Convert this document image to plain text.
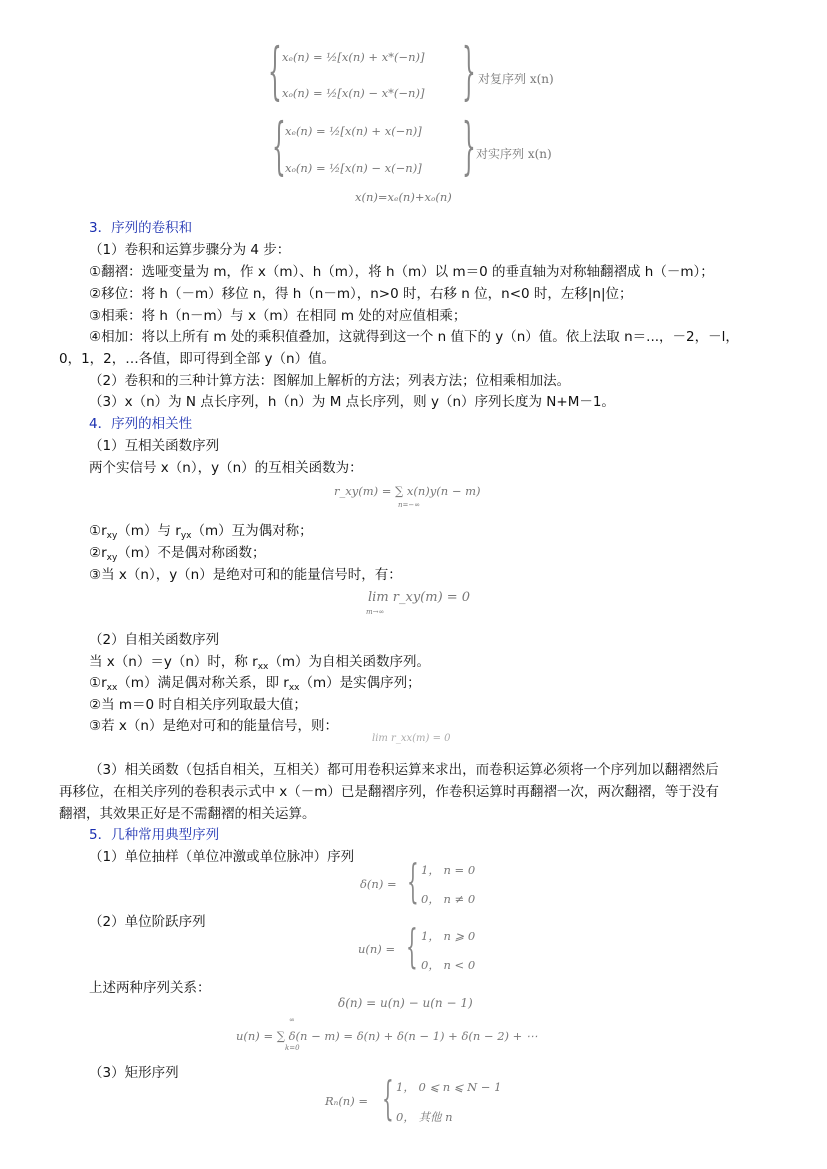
{ xₑ(n) = ½[x(n) + x*(−n)]
xₒ(n) = ½[x(n) − x*(−n)] } 对复序列 x(n)
{ xₑ(n) = ½[x(n) + x(−n)]
xₒ(n) = ½[x(n) − x(−n)] } 对实序列 x(n)
x(n)=xₑ(n)+xₒ(n)
3．序列的卷积和
（1）卷积和运算步骤分为 4 步：
①翻褶：选哑变量为 m，作 x（m）、h（m），将 h（m）以 m＝0 的垂直轴为对称轴翻褶成 h（－m）；
②移位：将 h（－m）移位 n，得 h（n－m），n>0 时，右移 n 位，n<0 时，左移|n|位；
③相乘：将 h（n－m）与 x（m）在相同 m 处的对应值相乘；
④相加：将以上所有 m 处的乘积值叠加，这就得到这一个 n 值下的 y（n）值。依上法取 n＝...，－2，－l，
0，1，2，…各值，即可得到全部 y（n）值。
（2）卷积和的三种计算方法：图解加上解析的方法；列表方法；位相乘相加法。
（3）x（n）为 N 点长序列，h（n）为 M 点长序列，则 y（n）序列长度为 N+M－1。
4．序列的相关性
（1）互相关函数序列
两个实信号 x（n），y（n）的互相关函数为：
r_xy(m) = ∑ x(n)y(n − m)
n=−∞
$①r_{xy}(m)$与 $r_{yx}(m)$互为偶对称；
$②r_{xy}(m)$不是偶对称函数；
③当 x（n），y（n）是绝对可和的能量信号时，有：
lim r_xy(m) = 0
m→∞
（2）自相关函数序列
当 x（n）＝y（n）时，称 $r_{xx}(m)$为自相关函数序列。
$①r_{xx}(m)$满足偶对称关系，即 $r_{xx}(m)$是实偶序列；
②当 m＝0 时自相关序列取最大值；
③若 x（n）是绝对可和的能量信号，则：
lim r_xx(m) = 0
（3）相关函数（包括自相关，互相关）都可用卷积运算来求出，而卷积运算必须将一个序列加以翻褶然后
再移位，在相关序列的卷积表示式中 x（－m）已是翻褶序列，作卷积运算时再翻褶一次，两次翻褶，等于没有
翻褶，其效果正好是不需翻褶的相关运算。
5．几种常用典型序列
（1）单位抽样（单位冲激或单位脉冲）序列
δ(n) = { 1， n = 0
0， n ≠ 0
（2）单位阶跃序列
u(n) = { 1， n ⩾ 0
0， n < 0
上述两种序列关系：
δ(n) = u(n) − u(n − 1)
u(n) = ∑ δ(n − m) = δ(n) + δ(n − 1) + δ(n − 2) + ⋯
∞
k=0
（3）矩形序列
Rₙ(n) = { 1， 0 ⩽ n ⩽ N − 1
0， 其他 n
